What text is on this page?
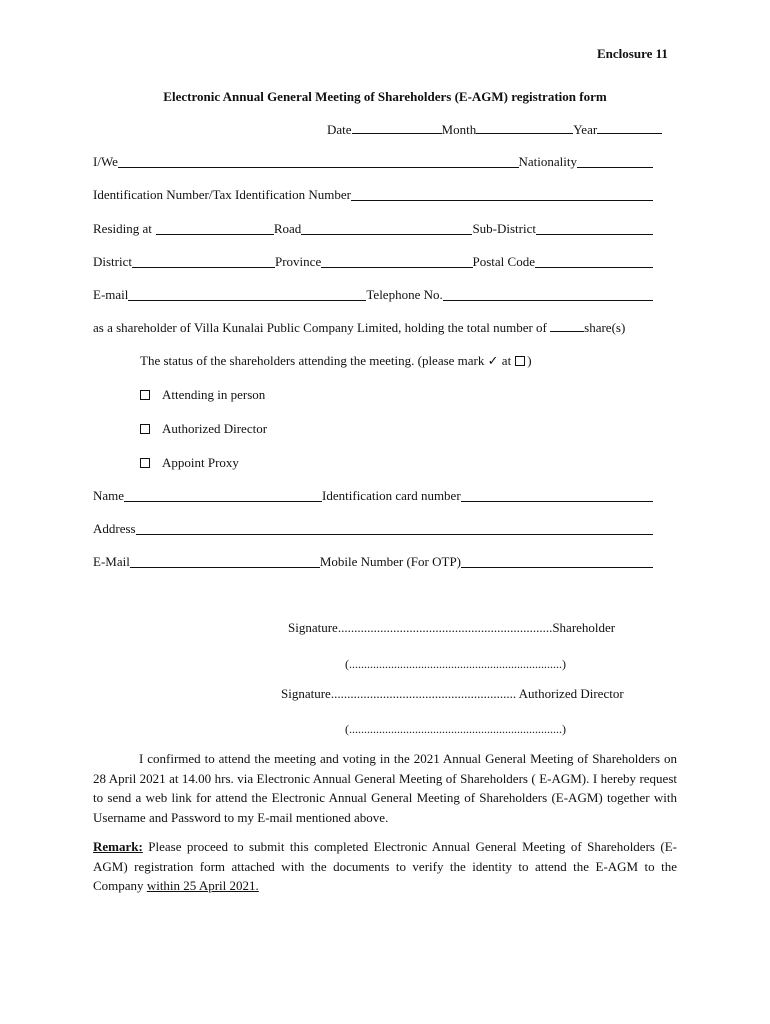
Enclosure 11
Electronic Annual General Meeting of Shareholders (E-AGM) registration form
Date	Month	Year
I/We	Nationality
Identification Number/Tax Identification Number
Residing at	Road	Sub-District
District	Province	Postal Code
E-mail	Telephone No.
as a shareholder of Villa Kunalai Public Company Limited, holding the total number of	share(s)
The status of the shareholders attending the meeting. (please mark ✓ at )
Attending in person
Authorized Director
Appoint Proxy
Name	Identification card number
Address
E-Mail	Mobile Number (For OTP)
Signature..................................................................Shareholder
(.......................................................................)
Signature......................................................... Authorized Director
(.......................................................................)
I confirmed to attend the meeting and voting in the 2021 Annual General Meeting of Shareholders on 28 April 2021 at 14.00 hrs. via Electronic Annual General Meeting of Shareholders ( E-AGM). I hereby request to send a web link for attend the Electronic Annual General Meeting of Shareholders (E-AGM) together with Username and Password to my E-mail mentioned above.
Remark: Please proceed to submit this completed Electronic Annual General Meeting of Shareholders (E-AGM) registration form attached with the documents to verify the identity to attend the E-AGM to the Company within 25 April 2021.
